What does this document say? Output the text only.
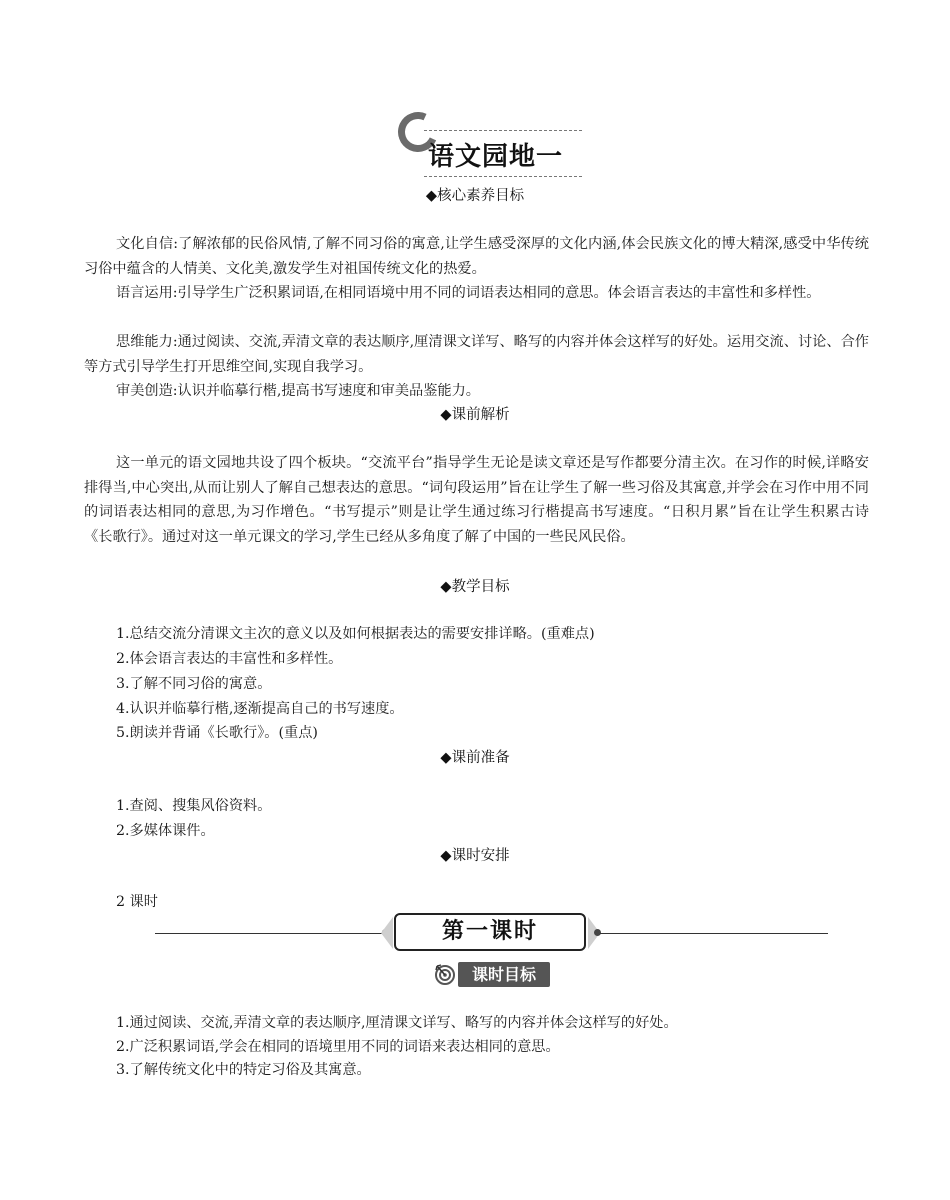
语文园地一
◆核心素养目标

文化自信:了解浓郁的民俗风情,了解不同习俗的寓意,让学生感受深厚的文化内涵,体会民族文化的博大精深,感受中华传统习俗中蕴含的人情美、文化美,激发学生对祖国传统文化的热爱。

语言运用:引导学生广泛积累词语,在相同语境中用不同的词语表达相同的意思。体会语言表达的丰富性和多样性。

思维能力:通过阅读、交流,弄清文章的表达顺序,厘清课文详写、略写的内容并体会这样写的好处。运用交流、讨论、合作等方式引导学生打开思维空间,实现自我学习。

审美创造:认识并临摹行楷,提高书写速度和审美品鉴能力。

◆课前解析

这一单元的语文园地共设了四个板块。“交流平台”指导学生无论是读文章还是写作都要分清主次。在习作的时候,详略安排得当,中心突出,从而让别人了解自己想表达的意思。“词句段运用”旨在让学生了解一些习俗及其寓意,并学会在习作中用不同的词语表达相同的意思,为习作增色。“书写提示”则是让学生通过练习行楷提高书写速度。“日积月累”旨在让学生积累古诗《长歌行》。通过对这一单元课文的学习,学生已经从多角度了解了中国的一些民风民俗。

◆教学目标

1.总结交流分清课文主次的意义以及如何根据表达的需要安排详略。(重难点)

2.体会语言表达的丰富性和多样性。

3.了解不同习俗的寓意。

4.认识并临摹行楷,逐渐提高自己的书写速度。

5.朗读并背诵《长歌行》。(重点)

◆课前准备

1.查阅、搜集风俗资料。

2.多媒体课件。

◆课时安排

2 课时

第一课时
课时目标

1.通过阅读、交流,弄清文章的表达顺序,厘清课文详写、略写的内容并体会这样写的好处。

2.广泛积累词语,学会在相同的语境里用不同的词语来表达相同的意思。

3.了解传统文化中的特定习俗及其寓意。
